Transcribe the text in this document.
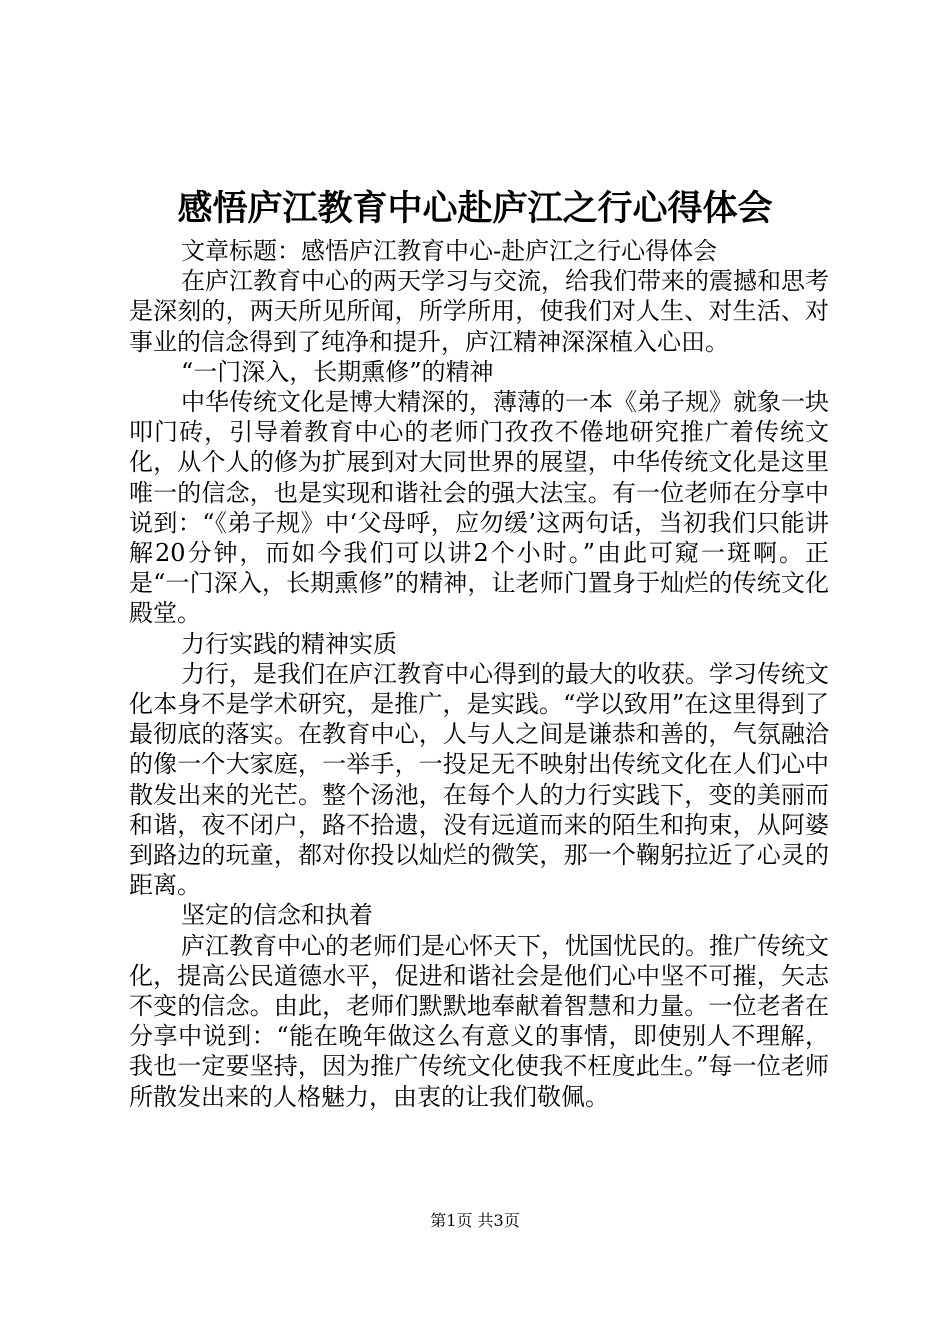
感悟庐江教育中心赴庐江之行心得体会

文章标题：感悟庐江教育中心-赴庐江之行心得体会

在庐江教育中心的两天学习与交流，给我们带来的震撼和思考是深刻的，两天所见所闻，所学所用，使我们对人生、对生活、对事业的信念得到了纯净和提升，庐江精神深深植入心田。

“一门深入，长期熏修”的精神

中华传统文化是博大精深的，薄薄的一本《弟子规》就象一块叩门砖，引导着教育中心的老师门孜孜不倦地研究推广着传统文化，从个人的修为扩展到对大同世界的展望，中华传统文化是这里唯一的信念，也是实现和谐社会的强大法宝。有一位老师在分享中说到：“《弟子规》中‘父母呼，应勿缓’这两句话，当初我们只能讲解20分钟，而如今我们可以讲2个小时。”由此可窥一斑啊。正是“一门深入，长期熏修”的精神，让老师门置身于灿烂的传统文化殿堂。

力行实践的精神实质

力行，是我们在庐江教育中心得到的最大的收获。学习传统文化本身不是学术研究，是推广，是实践。“学以致用”在这里得到了最彻底的落实。在教育中心，人与人之间是谦恭和善的，气氛融洽的像一个大家庭，一举手，一投足无不映射出传统文化在人们心中散发出来的光芒。整个汤池，在每个人的力行实践下，变的美丽而和谐，夜不闭户，路不拾遗，没有远道而来的陌生和拘束，从阿婆到路边的玩童，都对你投以灿烂的微笑，那一个鞠躬拉近了心灵的距离。

坚定的信念和执着

庐江教育中心的老师们是心怀天下，忧国忧民的。推广传统文化，提高公民道德水平，促进和谐社会是他们心中坚不可摧，矢志不变的信念。由此，老师们默默地奉献着智慧和力量。一位老者在分享中说到：“能在晚年做这么有意义的事情，即使别人不理解，我也一定要坚持，因为推广传统文化使我不枉度此生。”每一位老师所散发出来的人格魅力，由衷的让我们敬佩。

第1页 共3页
